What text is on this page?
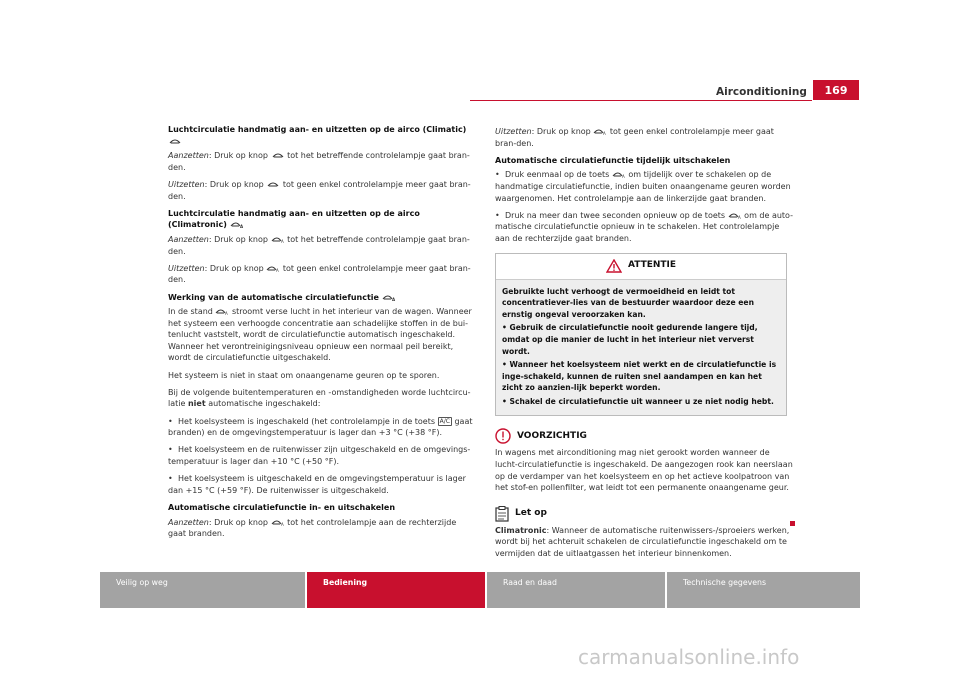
Airconditioning	169

Luchtcirculatie handmatig aan- en uitzetten op de airco (Climatic)

Aanzetten: Druk op knop tot het betreffende controlelampje gaat bran-den.

Uitzetten: Druk op knop tot geen enkel controlelampje meer gaat bran-den.

Luchtcirculatie handmatig aan- en uitzetten op de airco (Climatronic)	A

Aanzetten: Druk op knop	A tot het betreffende controlelampje gaat bran-den.

Uitzetten: Druk op knop	A tot geen enkel controlelampje meer gaat bran-den.

Werking van de automatische circulatiefunctie	A

In de stand	A stroomt verse lucht in het interieur van de wagen. Wanneer het systeem een verhoogde concentratie aan schadelijke stoffen in de bui-tenlucht vaststelt, wordt de circulatiefunctie automatisch ingeschakeld. Wanneer het verontreinigingsniveau opnieuw een normaal peil bereikt, wordt de circulatiefunctie uitgeschakeld.

Het systeem is niet in staat om onaangename geuren op te sporen.

Bij de volgende buitentemperaturen en -omstandigheden worde luchtcircu-latie niet automatische ingeschakeld:

• Het koelsysteem is ingeschakeld (het controlelampje in de toets A/C gaat branden) en de omgevingstemperatuur is lager dan +3 °C (+38 °F).

• Het koelsysteem en de ruitenwisser zijn uitgeschakeld en de omgevings-temperatuur is lager dan +10 °C (+50 °F).

• Het koelsysteem is uitgeschakeld en de omgevingstemperatuur is lager dan +15 °C (+59 °F). De ruitenwisser is uitgeschakeld.

Automatische circulatiefunctie in- en uitschakelen

Aanzetten: Druk op knop	A tot het controlelampje aan de rechterzijde gaat branden.

Uitzetten: Druk op knop	A tot geen enkel controlelampje meer gaat bran-den.

Automatische circulatiefunctie tijdelijk uitschakelen

• Druk eenmaal op de toets	A om tijdelijk over te schakelen op de handmatige circulatiefunctie, indien buiten onaangename geuren worden waargenomen. Het controlelampje aan de linkerzijde gaat branden.

• Druk na meer dan twee seconden opnieuw op de toets	A om de auto-matische circulatiefunctie opnieuw in te schakelen. Het controlelampje aan de rechterzijde gaat branden.

ATTENTIE

Gebruikte lucht verhoogt de vermoeidheid en leidt tot concentratiever-lies van de bestuurder waardoor deze een ernstig ongeval veroorzaken kan.

• Gebruik de circulatiefunctie nooit gedurende langere tijd, omdat op die manier de lucht in het interieur niet ververst wordt.

• Wanneer het koelsysteem niet werkt en de circulatiefunctie is inge-schakeld, kunnen de ruiten snel aandampen en kan het zicht zo aanzien-lijk beperkt worden.

• Schakel de circulatiefunctie uit wanneer u ze niet nodig hebt.

VOORZICHTIG

In wagens met airconditioning mag niet gerookt worden wanneer de lucht-circulatiefunctie is ingeschakeld. De aangezogen rook kan neerslaan op de verdamper van het koelsysteem en op het actieve koolpatroon van het stof-en pollenfilter, wat leidt tot een permanente onaangename geur.

Let op

Climatronic: Wanneer de automatische ruitenwissers-/sproeiers werken, wordt bij het achteruit schakelen de circulatiefunctie ingeschakeld om te vermijden dat de uitlaatgassen het interieur binnenkomen.

Veilig op weg	Bediening	Raad en daad	Technische gegevens
carmanualsonline.info
